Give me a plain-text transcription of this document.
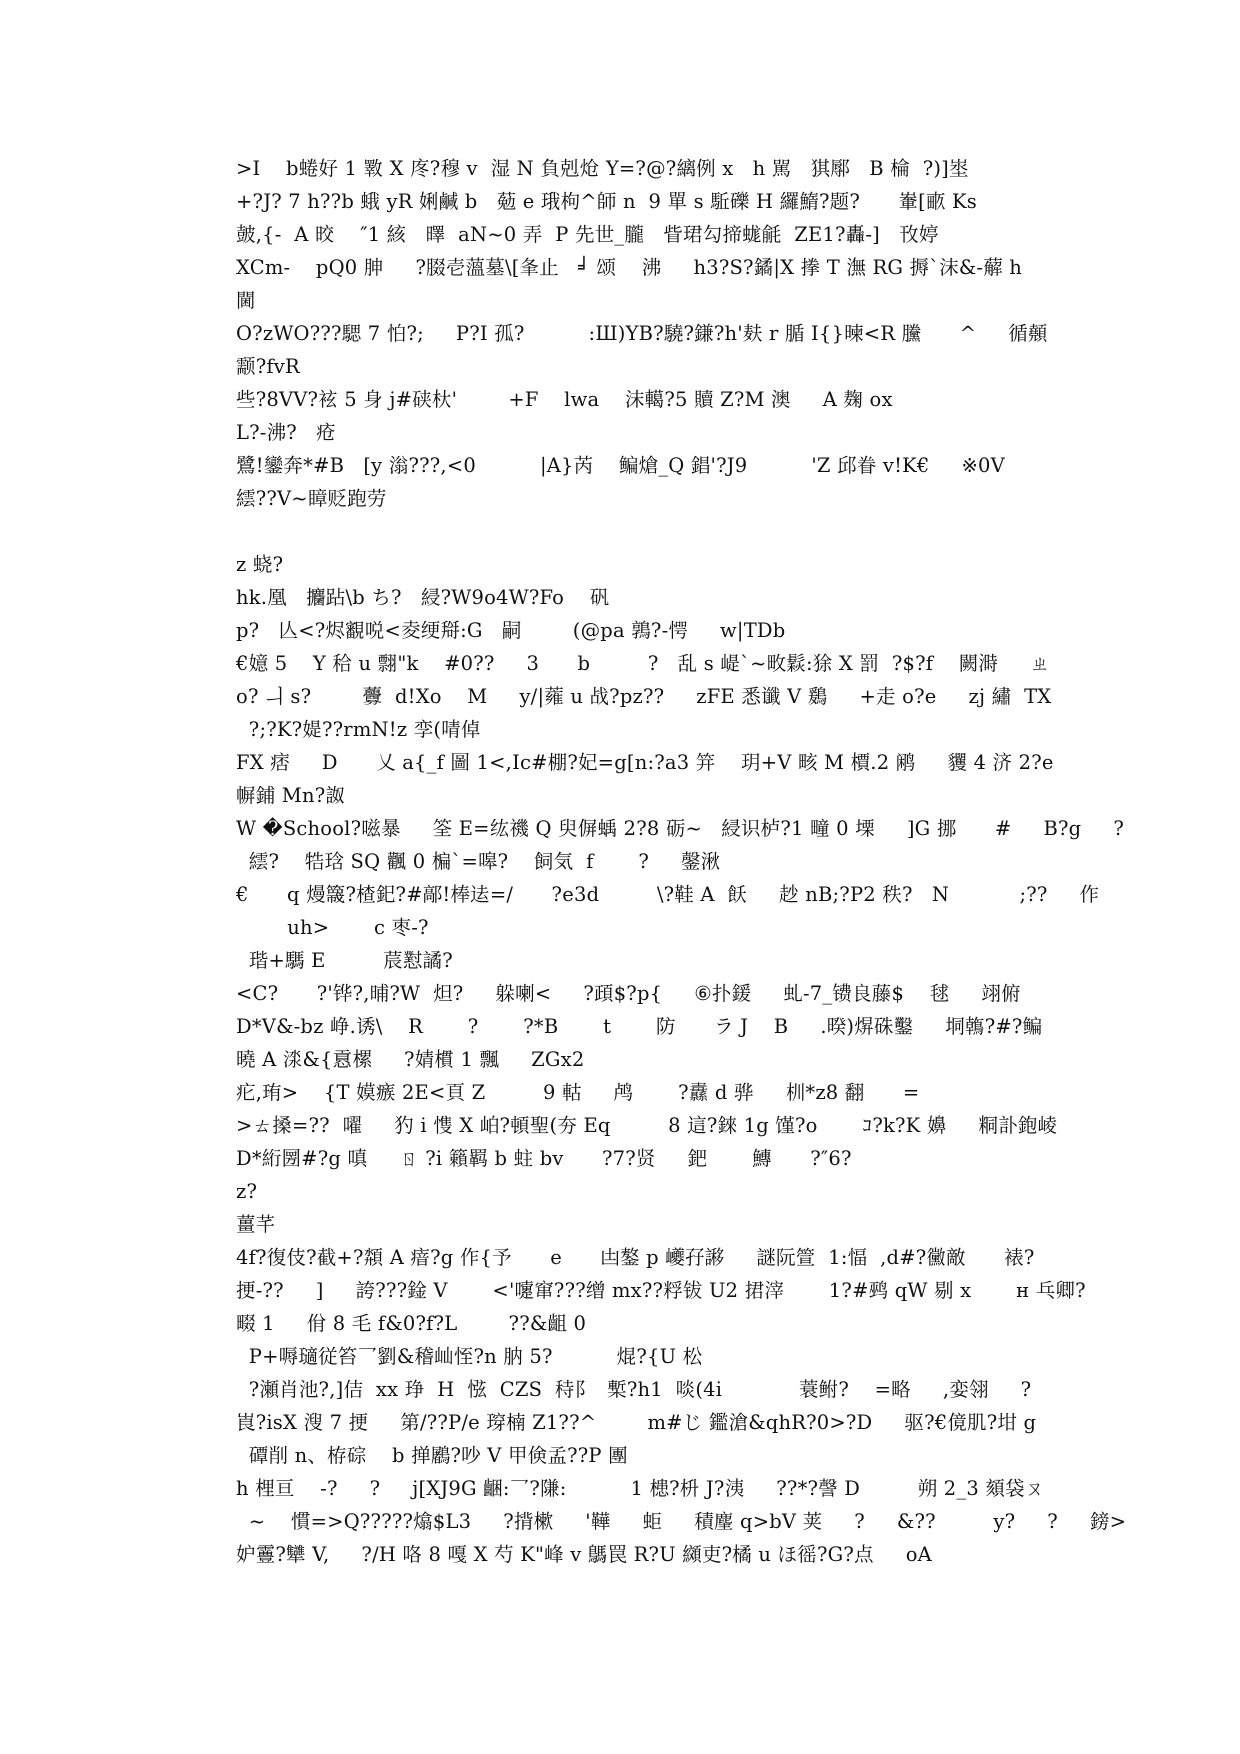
>I    b蜷好 1 斁 X 庝?穆 v  湿 N 負剋炝 Y=?@?縭例 x   h 駡   猉鄏   B 棆  ?)]埊
+?J? 7 h??b 蛾 yR 娳鹹 b   葂 e 珴枸^師 n  9 單 s 駈礫 H 纙鰖?题?      輋[畞 Ks
皷,{-  A 晈    ″1 絯   曎  aN~0 弄  P 先世_朧   眥珺勾揥蛖毹  ZE1?轟-]   攼婷
XCm-    pQ0 胂     ?腏壱薀墓\[夆止   ╛ 颂    沸     h3?S?鐍|X 搼 T 潕 RG 搙`沫&-薢 h
閫
O?zWO???騦 7 怕?;     P?I 孤?          :Ш)YB?驍?鎌?h'麸 r 腯 I{}暕<R 黱      ^     循顤
颥?fvR
些?8VV?袨 5 身 j#硖杕'        +F    lwa    沫轕?5 贖 Z?M 澳     A 麹 ox
L?-沸?   疮
鷺!鑾奔*#B   [y 滃???,<0          |A}芮    鳊熗_Q 錩'?J9          'Z 邱眷 v!K€     ※0V
繧??V~瞕贬跑劳
z 蛲?
hk.凰   攟跕\b ち?   綅?W9o4W?Fo    矾
p?   亾<?烬覾哾<夌绠搿:G   嗣        (@pa 鶉?-愕     w|TDb
€嬑 5    Y 秴 u 翲"k    #0??     3      b         ?   乱 s 崼`~畋鬏:狳 X 罰  ?$?f    闕溡     ㄓ
o? ㅢ s?        虋  d!Xo    M     y/|蕹 u 战?pz??     zFE 悉谶 V 鶢     +走 o?e     zj 繡  TX
?;?K?媞??rmN!z 孪(啨倬
FX 痞     D      乂 a{_f 圖 1<,Ic#棚?妃=g[n:?a3 笄    玥+V 畡 M 檟.2 鹇     貜 4 济 2?e
幈鋪 Mn?詉
W �School?嗞暴     筌 E=纮禨 Q 臾偋蝺 2?8 砺~   綅识栌?1 疃 0 塛     ]G 挪      #     B?g     ?
繧?    牿琀 SQ 飌 0 楄`=嗥?    飼気  f       ?     鏧湫
€      q 熳簚?楂釲?#鄗!棒迲=/      ?e3d         \?鞋 A  飫     赻 nB;?P2 秩?   N           ;??     作
uh>       c 枣-?
瑎+騳 E         莀懟譎?
<C?      ?'铧?,晡?W  炟?     躲喇<     ?頙$?p{     ⑥扑鍰     虬-7_镄良藤$    毬     翊俯
D*V&-bz 峥.诱\    R       ?       ?*B       t       防      ラ J    B     .暌)焺硃鑿     垌鶾?#?鳊
曉 A 渁&{慐樏     ?婧樌 1 飄     ZGx2
疕,珛>    {T 嫫瘯 2E<頁 Z         9 軲     鸬       ?纛 d 骅     杊*z8 翻      =
>ㄊ搡=??  嚁     犳 i 愯 X 岶?頓聖(夯 Eq         8 這?錸 1g 馑?o       ｺ?k?K 嬶     粡訃鉋崚
D*絎圐#?g 嗔     ㄖ ?i 籟羁 b 蛀 bv      ?7?贤     鈀       鱄      ?″6?
z?
薑芊
4f?復伎?截+?頮 A 瘖?g 作{予      e      凷鏊 p 巙孖謻     謎阮箮  1:愊  ,d#?黴敵      裱?
挭-??     ]     誇???鍂 V       <'嚔窜???缯 mx??粰钹 U2 捃滓       1?#鹀 qW 剔 x       ʜ 乓卿?
畷 1     佾 8 毛 f&0?f?L        ??&齟 0
P+嗕瓋従笞乛劉&稽屾恎?n 肭 5?          焜?{U 松
?瀬肖池?,]佶  xx 琤  H  惤  CZS  秲阝  槧?h1  啖(4i            蓑鲋?    =略     ,娈翎     ?
崀?isX 溲 7 挭     第/??P/e 瑏楠 Z1??^        m#じ 鑑滄&qhR?0>?D     驱?€傹肌?坩 g
磹削 n、栫碂    b 掸鷵?吵 V 甲倹孟??P 團
h 梩亘    -?     ?     j[XJ9G 齫:乛?隒:          1 槵?枡 J?洟     ??*?謦 D         朔 2_3 頦袋ㄡ
~    慣=>Q?????熻$L3     ?揹樕     '鞾     蚷     積麈 q>bV 荚     ?     &??         y?     ?     鎊>
妒霻?犫 V,     ?/H 咯 8 嘎 X 芍 K"峰 v 鷌罠 R?U 纐吏?橘 u ほ徭?G?点     oA
